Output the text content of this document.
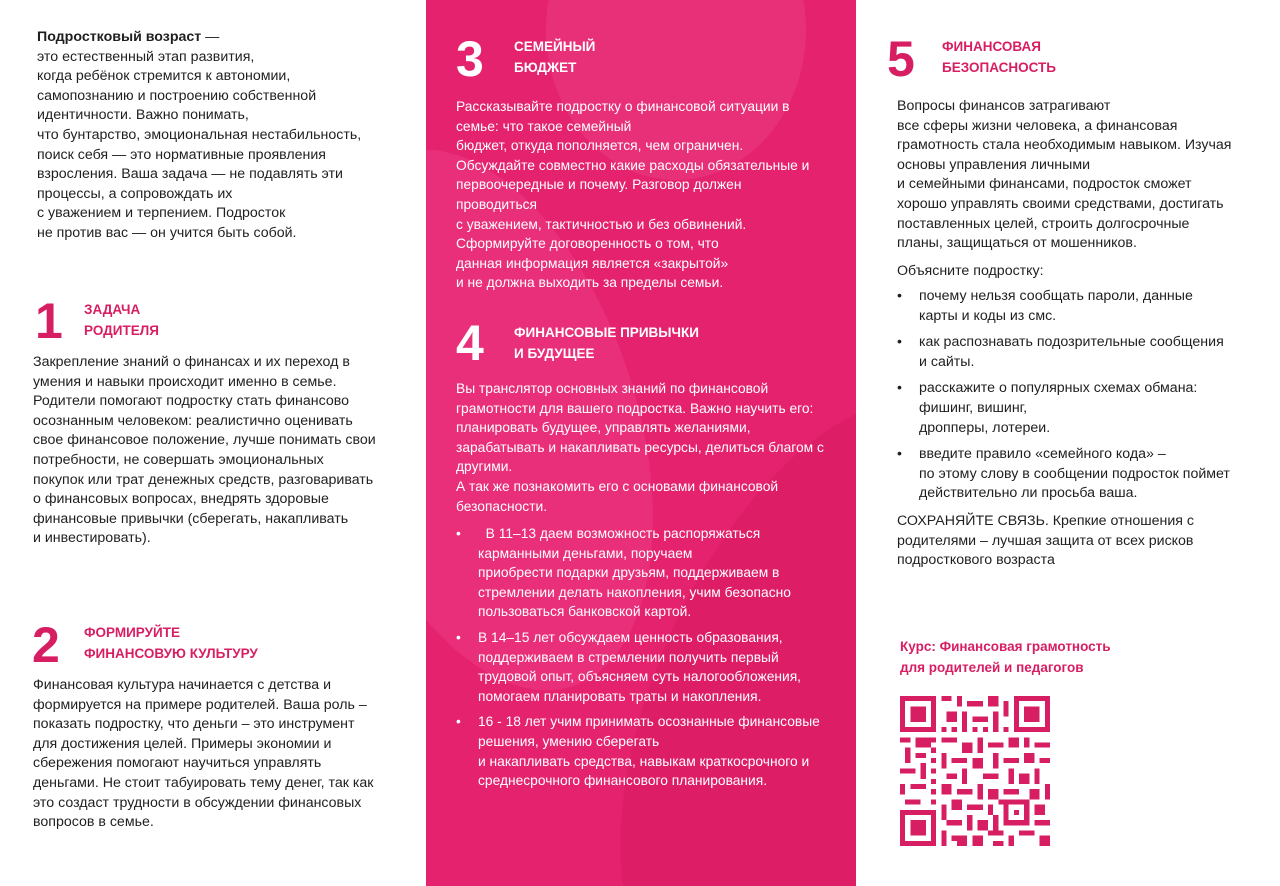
Подростковый возраст —
это естественный этап развития,
когда ребёнок стремится к автономии,
самопознанию и построению собственной
идентичности. Важно понимать,
что бунтарство, эмоциональная нестабильность,
поиск себя — это нормативные проявления
взросления. Ваша задача — не подавлять эти
процессы, а сопровождать их
с уважением и терпением. Подросток
не против вас — он учится быть собой.

1 ЗАДАЧА
РОДИТЕЛЯ

Закрепление знаний о финансах и их переход в
умения и навыки происходит именно в семье.
Родители помогают подростку стать финансово
осознанным человеком: реалистично оценивать
свое финансовое положение, лучше понимать свои
потребности, не совершать эмоциональных
покупок или трат денежных средств, разговаривать
о финансовых вопросах, внедрять здоровые
финансовые привычки (сберегать, накапливать
и инвестировать).

2 ФОРМИРУЙТЕ
ФИНАНСОВУЮ КУЛЬТУРУ

Финансовая культура начинается с детства и
формируется на примере родителей. Ваша роль –
показать подростку, что деньги – это инструмент
для достижения целей. Примеры экономии и
сбережения помогают научиться управлять
деньгами. Не стоит табуировать тему денег, так как
это создаст трудности в обсуждении финансовых
вопросов в семье.

3 СЕМЕЙНЫЙ
БЮДЖЕТ

Рассказывайте подростку о финансовой ситуации в
семье: что такое семейный
бюджет, откуда пополняется, чем ограничен.
Обсуждайте совместно какие расходы обязательные и
первоочередные и почему. Разговор должен
проводиться
с уважением, тактичностью и без обвинений.
Сформируйте договоренность о том, что
данная информация является «закрытой»
и не должна выходить за пределы семьи.

4 ФИНАНСОВЫЕ ПРИВЫЧКИ
И БУДУЩЕЕ

Вы транслятор основных знаний по финансовой
грамотности для вашего подростка. Важно научить его:
планировать будущее, управлять желаниями,
зарабатывать и накапливать ресурсы, делиться благом с
другими.
А так же познакомить его с основами финансовой
безопасности.

•   В 11–13 даем возможность распоряжаться
карманными деньгами, поручаем
приобрести подарки друзьям, поддерживаем в
стремлении делать накопления, учим безопасно
пользоваться банковской картой.
• В 14–15 лет обсуждаем ценность образования,
поддерживаем в стремлении получить первый
трудовой опыт, объясняем суть налогообложения,
помогаем планировать траты и накопления.
• 16 - 18 лет учим принимать осознанные финансовые
решения, умению сберегать
и накапливать средства, навыкам краткосрочного и
среднесрочного финансового планирования.
5 ФИНАНСОВАЯ
БЕЗОПАСНОСТЬ

Вопросы финансов затрагивают
все сферы жизни человека, а финансовая
грамотность стала необходимым навыком. Изучая
основы управления личными
и семейными финансами, подросток сможет
хорошо управлять своими средствами, достигать
поставленных целей, строить долгосрочные
планы, защищаться от мошенников.

Объясните подростку:

• почему нельзя сообщать пароли, данные
карты и коды из смс.
• как распознавать подозрительные сообщения
и сайты.
• расскажите о популярных схемах обмана:
фишинг, вишинг,
дропперы, лотереи.
• введите правило «семейного кода» –
по этому слову в сообщении подросток поймет
действительно ли просьба ваша.

СОХРАНЯЙТЕ СВЯЗЬ. Крепкие отношения с
родителями – лучшая защита от всех рисков
подросткового возраста

Курс: Финансовая грамотность
для родителей и педагогов
